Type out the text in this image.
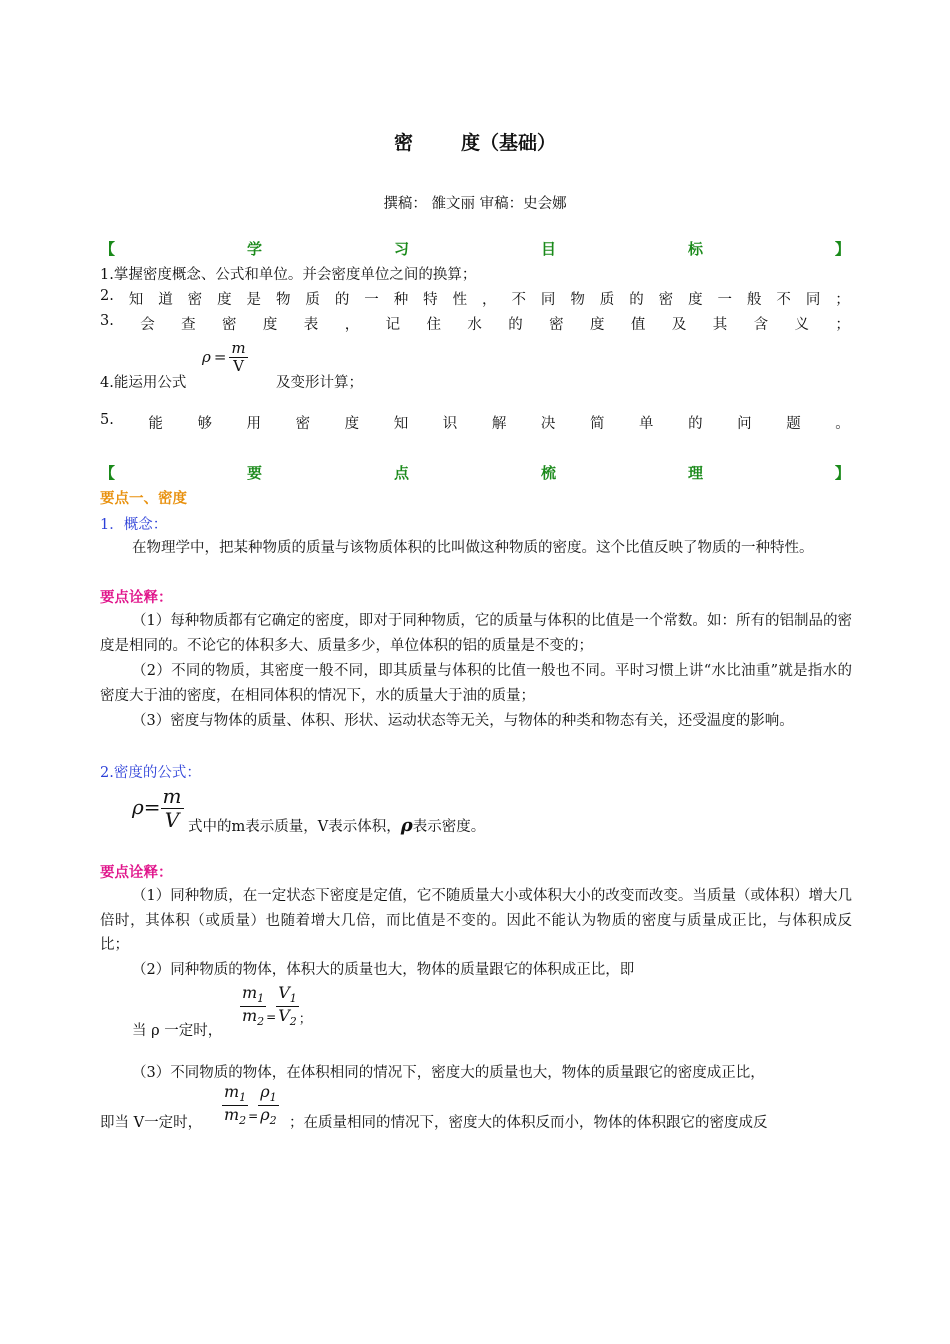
密	度（基础）
撰稿： 雒文丽 审稿：史会娜
【	学	习	目	标	】
1.掌握密度概念、公式和单位。并会密度单位之间的换算；
2. 知 道 密 度 是 物 质 的 一 种 特 性 ， 不 同 物 质 的 密 度 一 般 不 同 ；
3. 会 查 密 度 表 ， 记 住 水 的 密 度 值 及 其 含 义 ；
4.能运用公式
$\rho = \frac{m}{V}$
及变形计算；
5. 能 够 用 密 度 知 识 解 决 简 单 的 问 题 。
【	要	点	梳	理	】
要点一、密度
1．概念：
在物理学中，把某种物质的质量与该物质体积的比叫做这种物质的密度。这个比值反映了物质的一种特性。
要点诠释：
（1）每种物质都有它确定的密度，即对于同种物质，它的质量与体积的比值是一个常数。如：所有的铝制品的密度是相同的。不论它的体积多大、质量多少，单位体积的铝的质量是不变的；
（2）不同的物质，其密度一般不同，即其质量与体积的比值一般也不同。平时习惯上讲“水比油重”就是指水的密度大于油的密度，在相同体积的情况下，水的质量大于油的质量；
（3）密度与物体的质量、体积、形状、运动状态等无关，与物体的种类和物态有关，还受温度的影响。
2.密度的公式：
$\rho= \frac{m}{V}$ 式中的m表示质量，V表示体积，ρ表示密度。
要点诠释：
（1）同种物质，在一定状态下密度是定值，它不随质量大小或体积大小的改变而改变。当质量（或体积）增大几倍时，其体积（或质量）也随着增大几倍，而比值是不变的。因此不能认为物质的密度与质量成正比，与体积成反比；
（2）同种物质的物体，体积大的质量也大，物体的质量跟它的体积成正比，即
当 ρ 一定时，
$\frac{m_1}{m_2} _= \frac{V_1}{V_2} _;$
（3）不同物质的物体，在体积相同的情况下，密度大的质量也大，物体的质量跟它的密度成正比，
即当 V一定时， $\frac{m_1}{m_2} _= \frac{\rho_1}{\rho_2}$ ；在质量相同的情况下，密度大的体积反而小，物体的体积跟它的密度成反
